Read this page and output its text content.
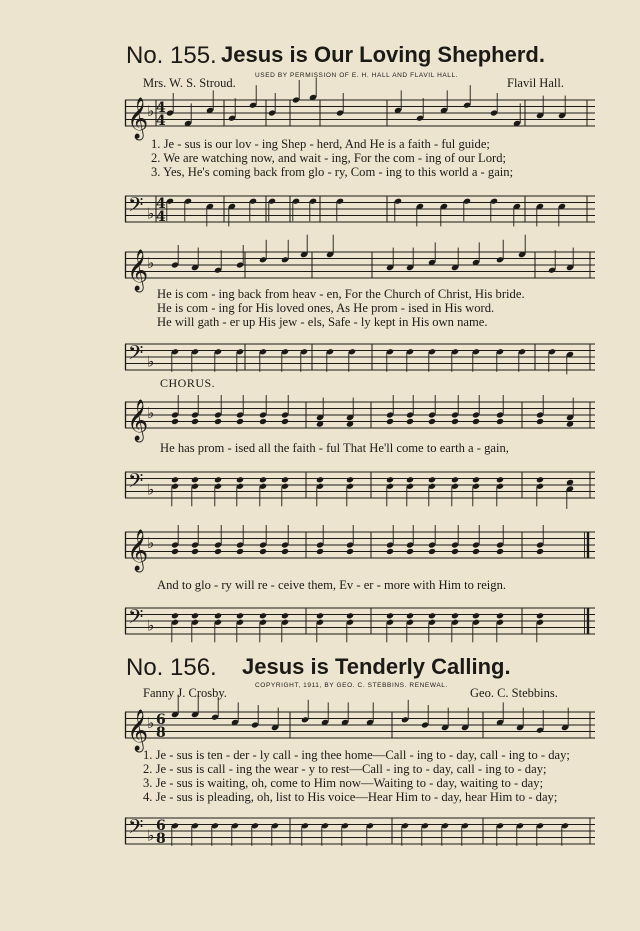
No. 155. Jesus is Our Loving Shepherd.
Mrs. W. S. Stroud.
USED BY PERMISSION OF E. H. HALL AND FLAVIL HALL.
Flavil Hall.
𝄞
♭ 4
4
1. Je - sus is our lov - ing Shep - herd, And He is a faith - ful guide;
2. We are watching now, and wait - ing, For the com - ing of our Lord;
3. Yes, He's coming back from glo - ry, Com - ing to this world a - gain;
𝄢 ♭
4
4
𝄞
♭
He is com - ing back from heav - en, For the Church of Christ, His bride.
He is com - ing for His loved ones, As He prom - ised in His word.
He will gath - er up His jew - els, Safe - ly kept in His own name.
𝄢 ♭
CHORUS.
𝄞
♭
He has prom - ised all the faith - ful That He'll come to earth a - gain,
𝄢 ♭
𝄞
♭
And to glo - ry will re - ceive them, Ev - er - more with Him to reign.
𝄢 ♭
No. 156. Jesus is Tenderly Calling.
Fanny J. Crosby.
COPYRIGHT, 1911, BY GEO. C. STEBBINS. RENEWAL.
Geo. C. Stebbins.
𝄞
♭ 6
8
1. Je - sus is ten - der - ly call - ing thee home—Call - ing to - day, call - ing to - day;
2. Je - sus is call - ing the wear - y to rest—Call - ing to - day, call - ing to - day;
3. Je - sus is waiting, oh, come to Him now—Waiting to - day, waiting to - day;
4. Je - sus is pleading, oh, list to His voice—Hear Him to - day, hear Him to - day;
𝄢 ♭
6
8
